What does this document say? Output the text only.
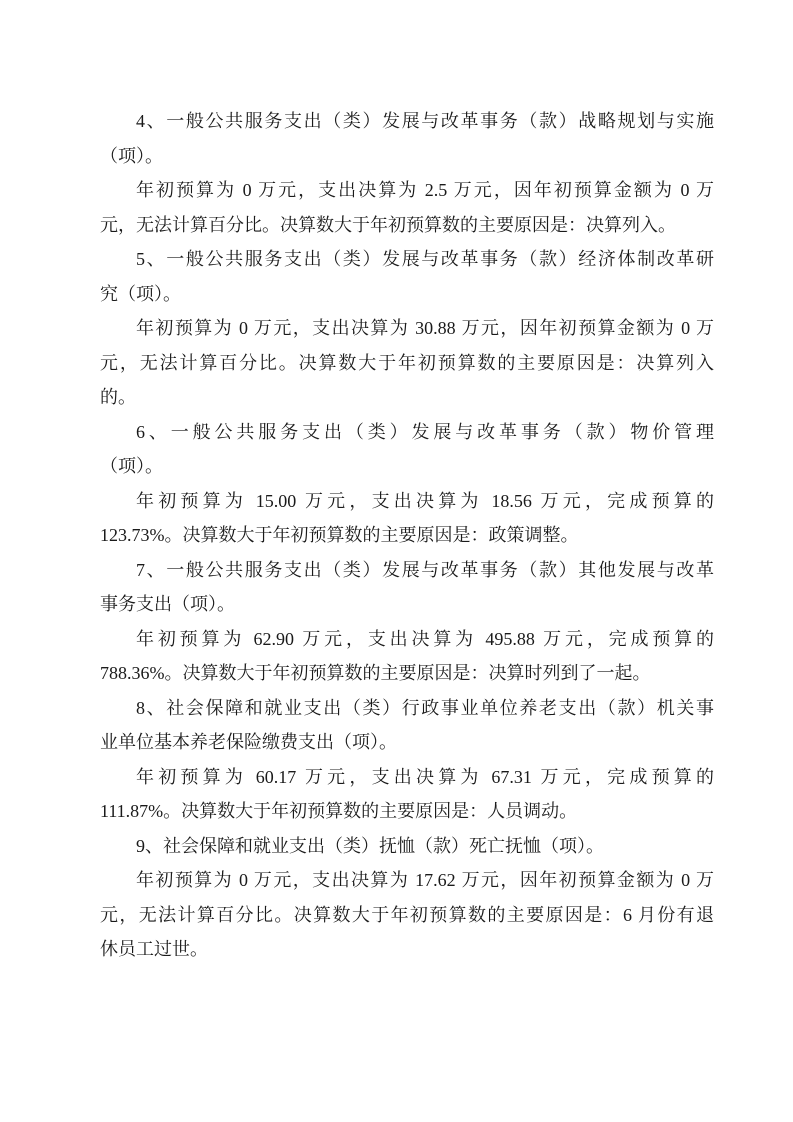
4、一般公共服务支出（类）发展与改革事务（款）战略规划与实施
（项）。
年初预算为 0 万元，支出决算为 2.5 万元，因年初预算金额为 0 万
元，无法计算百分比。决算数大于年初预算数的主要原因是：决算列入。
5、一般公共服务支出（类）发展与改革事务（款）经济体制改革研
究（项）。
年初预算为 0 万元，支出决算为 30.88 万元，因年初预算金额为 0 万
元，无法计算百分比。决算数大于年初预算数的主要原因是：决算列入
的。
6、一般公共服务支出（类）发展与改革事务（款）物价管理
（项）。
年初预算为 15.00 万元，支出决算为 18.56 万元，完成预算的
123.73%。决算数大于年初预算数的主要原因是：政策调整。
7、一般公共服务支出（类）发展与改革事务（款）其他发展与改革
事务支出（项）。
年初预算为 62.90 万元，支出决算为 495.88 万元，完成预算的
788.36%。决算数大于年初预算数的主要原因是：决算时列到了一起。
8、社会保障和就业支出（类）行政事业单位养老支出（款）机关事
业单位基本养老保险缴费支出（项）。
年初预算为 60.17 万元，支出决算为 67.31 万元，完成预算的
111.87%。决算数大于年初预算数的主要原因是：人员调动。
9、社会保障和就业支出（类）抚恤（款）死亡抚恤（项）。
年初预算为 0 万元，支出决算为 17.62 万元，因年初预算金额为 0 万
元，无法计算百分比。决算数大于年初预算数的主要原因是：6 月份有退
休员工过世。
